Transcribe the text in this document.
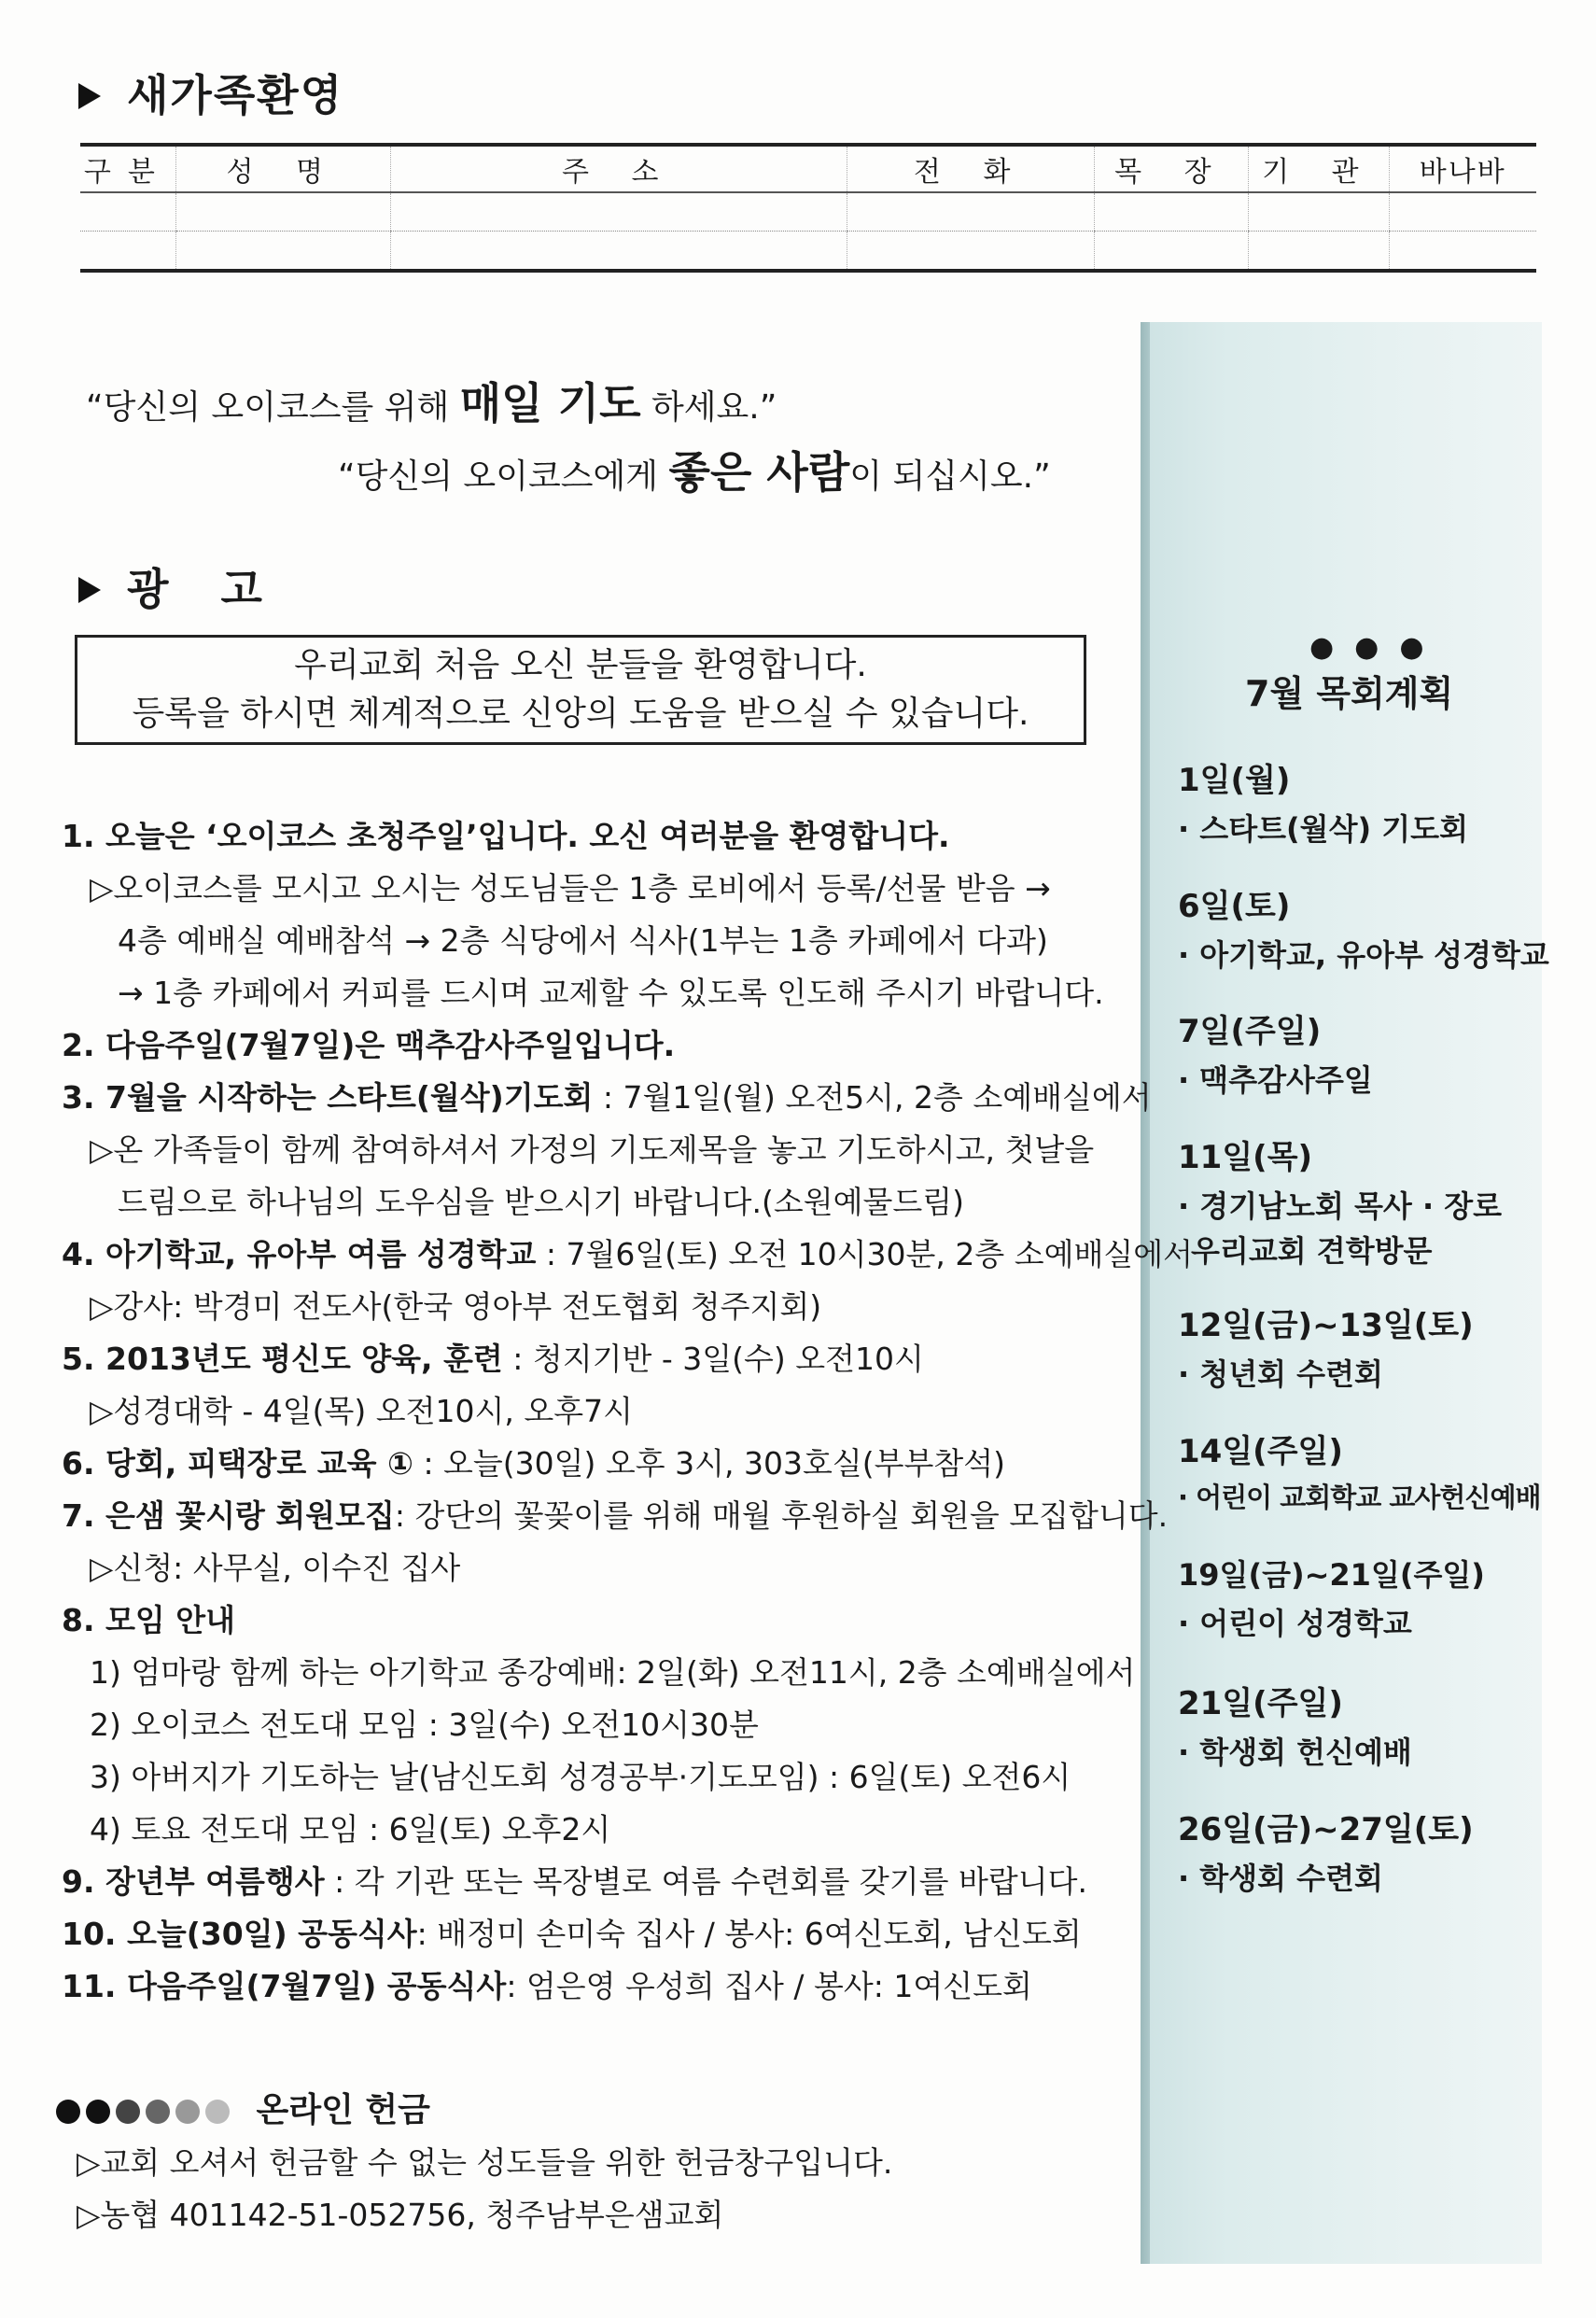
새가족환영
구분	성 명	주 소	전 화	목 장	기 관	바나바

●●●
7월 목회계획
1일(월)
· 스타트(월삭) 기도회
6일(토)
· 아기학교, 유아부 성경학교
7일(주일)
· 맥추감사주일
11일(목)
· 경기남노회 목사 · 장로
우리교회 견학방문
12일(금)~13일(토)
· 청년회 수련회
14일(주일)
· 어린이 교회학교 교사헌신예배
19일(금)~21일(주일)
· 어린이 성경학교
21일(주일)
· 학생회 헌신예배
26일(금)~27일(토)
· 학생회 수련회
“당신의 오이코스를 위해 매일 기도 하세요.”
“당신의 오이코스에게 좋은 사람이 되십시오.”
광 고
우리교회 처음 오신 분들을 환영합니다.
등록을 하시면 체계적으로 신앙의 도움을 받으실 수 있습니다.
1. 오늘은 ‘오이코스 초청주일’입니다. 오신 여러분을 환영합니다.
▷오이코스를 모시고 오시는 성도님들은 1층 로비에서 등록/선물 받음 →
4층 예배실 예배참석 → 2층 식당에서 식사(1부는 1층 카페에서 다과)
→ 1층 카페에서 커피를 드시며 교제할 수 있도록 인도해 주시기 바랍니다.
2. 다음주일(7월7일)은 맥추감사주일입니다.
3. 7월을 시작하는 스타트(월삭)기도회 : 7월1일(월) 오전5시, 2층 소예배실에서
▷온 가족들이 함께 참여하셔서 가정의 기도제목을 놓고 기도하시고, 첫날을
드림으로 하나님의 도우심을 받으시기 바랍니다.(소원예물드림)
4. 아기학교, 유아부 여름 성경학교 : 7월6일(토) 오전 10시30분, 2층 소예배실에서
▷강사: 박경미 전도사(한국 영아부 전도협회 청주지회)
5. 2013년도 평신도 양육, 훈련 : 청지기반 - 3일(수) 오전10시
▷성경대학 - 4일(목) 오전10시, 오후7시
6. 당회, 피택장로 교육 ① : 오늘(30일) 오후 3시, 303호실(부부참석)
7. 은샘 꽃시랑 회원모집: 강단의 꽃꽂이를 위해 매월 후원하실 회원을 모집합니다.
▷신청: 사무실, 이수진 집사
8. 모임 안내
1) 엄마랑 함께 하는 아기학교 종강예배: 2일(화) 오전11시, 2층 소예배실에서
2) 오이코스 전도대 모임 : 3일(수) 오전10시30분
3) 아버지가 기도하는 날(남신도회 성경공부·기도모임) : 6일(토) 오전6시
4) 토요 전도대 모임 : 6일(토) 오후2시
9. 장년부 여름행사 : 각 기관 또는 목장별로 여름 수련회를 갖기를 바랍니다.
10. 오늘(30일) 공동식사: 배정미 손미숙 집사 / 봉사: 6여신도회, 남신도회
11. 다음주일(7월7일) 공동식사: 엄은영 우성희 집사 / 봉사: 1여신도회
온라인 헌금
▷교회 오셔서 헌금할 수 없는 성도들을 위한 헌금창구입니다.
▷농협 401142-51-052756, 청주남부은샘교회
